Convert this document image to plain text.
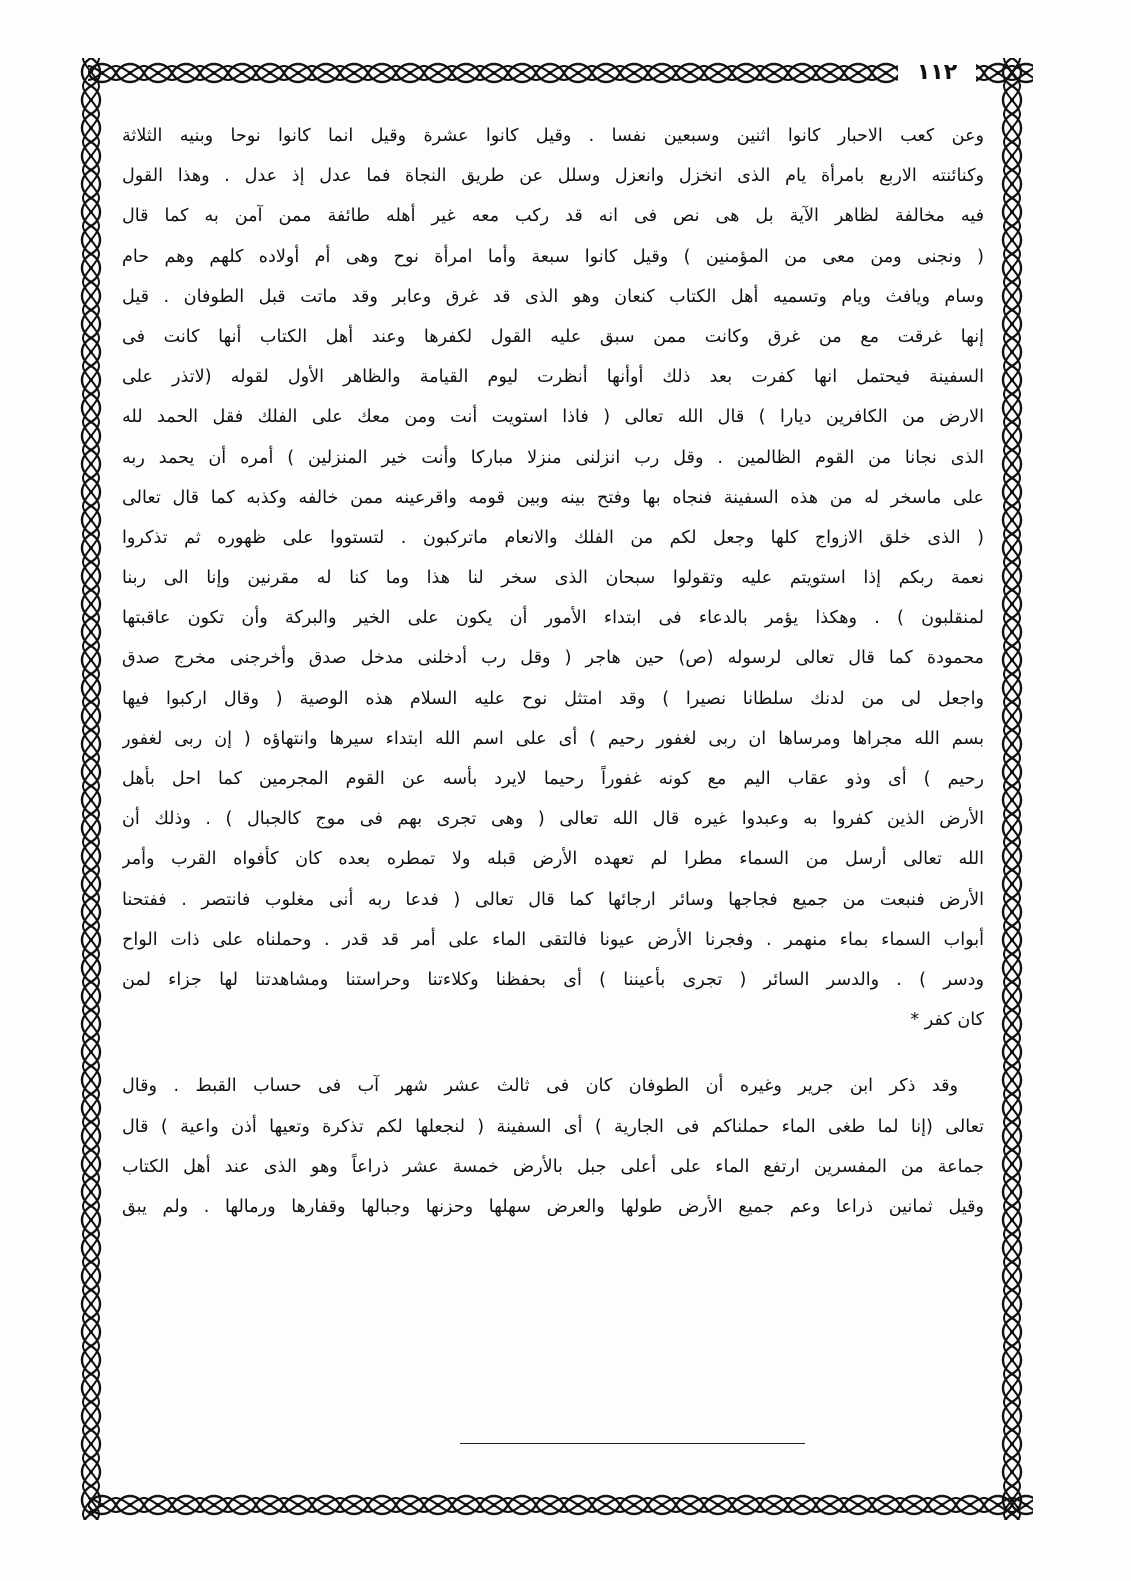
١١٢
وعن كعب الاحبار كانوا اثنين وسبعين نفسا . وقيل كانوا عشرة وقيل انما كانوا نوحا وبنيه الثلاثة
وكنائنته الاربع بامرأة يام الذى انخزل وانعزل وسلل عن طريق النجاة فما عدل إذ عدل . وهذا القول
فيه مخالفة لظاهر الآية بل هى نص فى انه قد ركب معه غير أهله طائفة ممن آمن به كما قال
( ونجنى ومن معى من المؤمنين ) وقيل كانوا سبعة وأما امرأة نوح وهى أم أولاده كلهم وهم حام
وسام ويافث ويام وتسميه أهل الكتاب كنعان وهو الذى قد غرق وعابر وقد ماتت قبل الطوفان . قيل
إنها غرقت مع من غرق وكانت ممن سبق عليه القول لكفرها وعند أهل الكتاب أنها كانت فى
السفينة فيحتمل انها كفرت بعد ذلك أوأنها أنظرت ليوم القيامة والظاهر الأول لقوله (لاتذر على
الارض من الكافرين ديارا ) قال الله تعالى ( فاذا استويت أنت ومن معك على الفلك فقل الحمد لله
الذى نجانا من القوم الظالمين . وقل رب انزلنى منزلا مباركا وأنت خير المنزلين ) أمره أن يحمد ربه
على ماسخر له من هذه السفينة فنجاه بها وفتح بينه وبين قومه واقرعينه ممن خالفه وكذبه كما قال تعالى
( الذى خلق الازواج كلها وجعل لكم من الفلك والانعام ماتركبون . لتستووا على ظهوره ثم تذكروا
نعمة ربكم إذا استويتم عليه وتقولوا سبحان الذى سخر لنا هذا وما كنا له مقرنين وإنا الى ربنا
لمنقلبون ) . وهكذا يؤمر بالدعاء فى ابتداء الأمور أن يكون على الخير والبركة وأن تكون عاقبتها
محمودة كما قال تعالى لرسوله (ص) حين هاجر ( وقل رب أدخلنى مدخل صدق وأخرجنى مخرج صدق
واجعل لى من لدنك سلطانا نصيرا ) وقد امتثل نوح عليه السلام هذه الوصية ( وقال اركبوا فيها
بسم الله مجراها ومرساها ان ربى لغفور رحيم ) أى على اسم الله ابتداء سيرها وانتهاؤه ( إن ربى لغفور
رحيم ) أى وذو عقاب اليم مع كونه غفوراً رحيما لايرد بأسه عن القوم المجرمين كما احل بأهل
الأرض الذين كفروا به وعبدوا غيره قال الله تعالى ( وهى تجرى بهم فى موج كالجبال ) . وذلك أن
الله تعالى أرسل من السماء مطرا لم تعهده الأرض قبله ولا تمطره بعده كان كأفواه القرب وأمر
الأرض فنبعت من جميع فجاجها وسائر ارجائها كما قال تعالى ( فدعا ربه أنى مغلوب فانتصر . ففتحنا
أبواب السماء بماء منهمر . وفجرنا الأرض عيونا فالتقى الماء على أمر قد قدر . وحملناه على ذات الواح
ودسر ) . والدسر السائر ( تجرى بأعيننا ) أى بحفظنا وكلاءتنا وحراستنا ومشاهدتنا لها جزاء لمن
كان كفر *
وقد ذكر ابن جرير وغيره أن الطوفان كان فى ثالث عشر شهر آب فى حساب القبط . وقال
تعالى (إنا لما طغى الماء حملناكم فى الجارية ) أى السفينة ( لنجعلها لكم تذكرة وتعيها أذن واعية ) قال
جماعة من المفسرين ارتفع الماء على أعلى جبل بالأرض خمسة عشر ذراعاً وهو الذى عند أهل الكتاب
وقيل ثمانين ذراعا وعم جميع الأرض طولها والعرض سهلها وحزنها وجبالها وقفارها ورمالها . ولم يبق
